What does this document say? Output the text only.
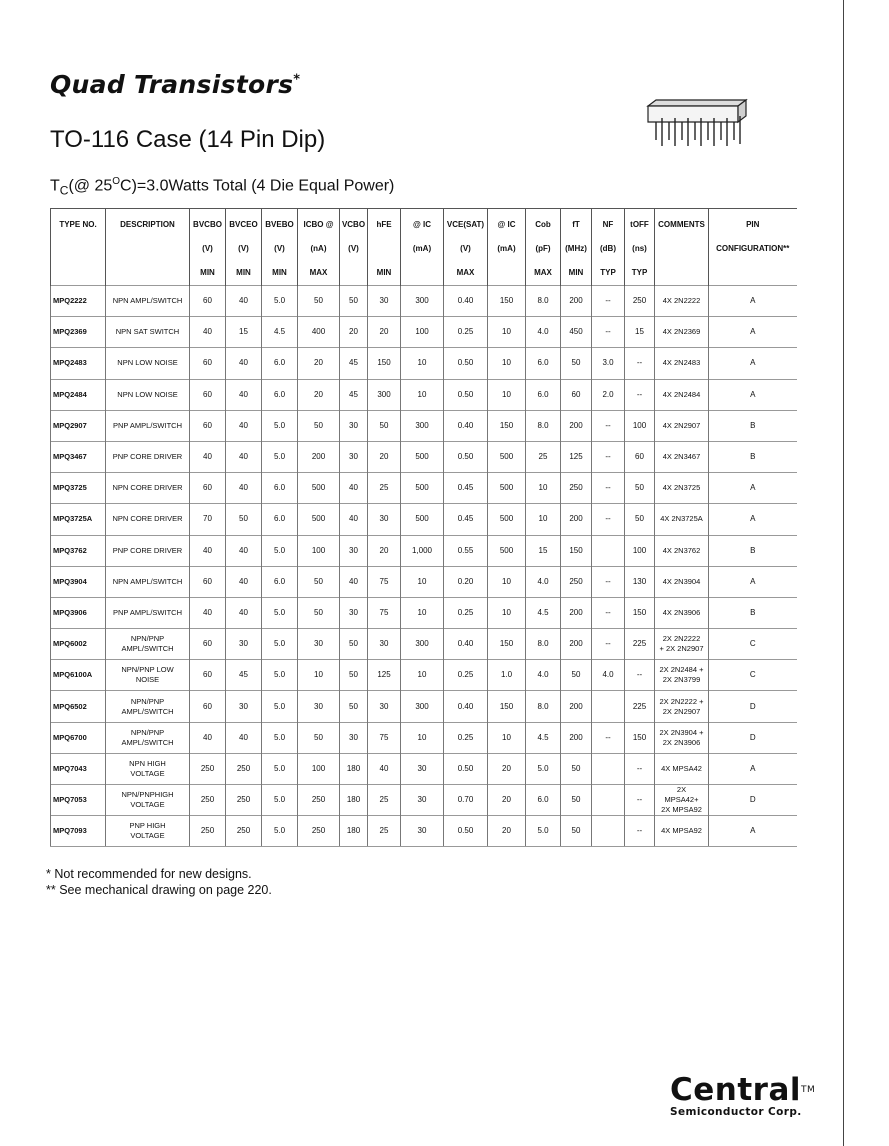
Quad Transistors*
TO-116 Case (14 Pin Dip)
$T_C(@$ $25^OC)=3.0Watts$ Total (4 Die Equal Power)
TYPE NO.	DESCRIPTION	BVCBO
(V)
MIN	BVCEO
(V)
MIN	BVEBO
(V)
MIN	ICBO @
(nA)
MAX	VCBO
(V)	hFE
MIN	@ IC
(mA)	VCE(SAT)
(V)
MAX	@ IC
(mA)	Cob
(pF)
MAX	fT
(MHz)
MIN	NF
(dB)
TYP	tOFF
(ns)
TYP	COMMENTS	PIN
CONFIGURATION**

MPQ2222	NPN AMPL/SWITCH	60	40	5.0	50	50	30	300	0.40	150	8.0	200	--	250	4X 2N2222	A
MPQ2369	NPN SAT SWITCH	40	15	4.5	400	20	20	100	0.25	10	4.0	450	--	15	4X 2N2369	A
MPQ2483	NPN LOW NOISE	60	40	6.0	20	45	150	10	0.50	10	6.0	50	3.0	--	4X 2N2483	A
MPQ2484	NPN LOW NOISE	60	40	6.0	20	45	300	10	0.50	10	6.0	60	2.0	--	4X 2N2484	A
MPQ2907	PNP AMPL/SWITCH	60	40	5.0	50	30	50	300	0.40	150	8.0	200	--	100	4X 2N2907	B
MPQ3467	PNP CORE DRIVER	40	40	5.0	200	30	20	500	0.50	500	25	125	--	60	4X 2N3467	B
MPQ3725	NPN CORE DRIVER	60	40	6.0	500	40	25	500	0.45	500	10	250	--	50	4X 2N3725	A
MPQ3725A	NPN CORE DRIVER	70	50	6.0	500	40	30	500	0.45	500	10	200	--	50	4X 2N3725A	A
MPQ3762	PNP CORE DRIVER	40	40	5.0	100	30	20	1,000	0.55	500	15	150		100	4X 2N3762	B
MPQ3904	NPN AMPL/SWITCH	60	40	6.0	50	40	75	10	0.20	10	4.0	250	--	130	4X 2N3904	A
MPQ3906	PNP AMPL/SWITCH	40	40	5.0	50	30	75	10	0.25	10	4.5	200	--	150	4X 2N3906	B
MPQ6002	NPN/PNP
AMPL/SWITCH	60	30	5.0	30	50	30	300	0.40	150	8.0	200	--	225	2X 2N2222
+ 2X 2N2907	C
MPQ6100A	NPN/PNP LOW
NOISE	60	45	5.0	10	50	125	10	0.25	1.0	4.0	50	4.0	--	2X 2N2484 +
2X 2N3799	C
MPQ6502	NPN/PNP
AMPL/SWITCH	60	30	5.0	30	50	30	300	0.40	150	8.0	200		225	2X 2N2222 +
2X 2N2907	D
MPQ6700	NPN/PNP
AMPL/SWITCH	40	40	5.0	50	30	75	10	0.25	10	4.5	200	--	150	2X 2N3904 +
2X 2N3906	D
MPQ7043	NPN HIGH
VOLTAGE	250	250	5.0	100	180	40	30	0.50	20	5.0	50		--	4X MPSA42	A
MPQ7053	NPN/PNPHIGH
VOLTAGE	250	250	5.0	250	180	25	30	0.70	20	6.0	50		--	2X
MPSA42+
2X MPSA92	D
MPQ7093	PNP HIGH
VOLTAGE	250	250	5.0	250	180	25	30	0.50	20	5.0	50		--	4X MPSA92	A
* Not recommended for new designs.
** See mechanical drawing on page 220.
Central™
Semiconductor Corp.
